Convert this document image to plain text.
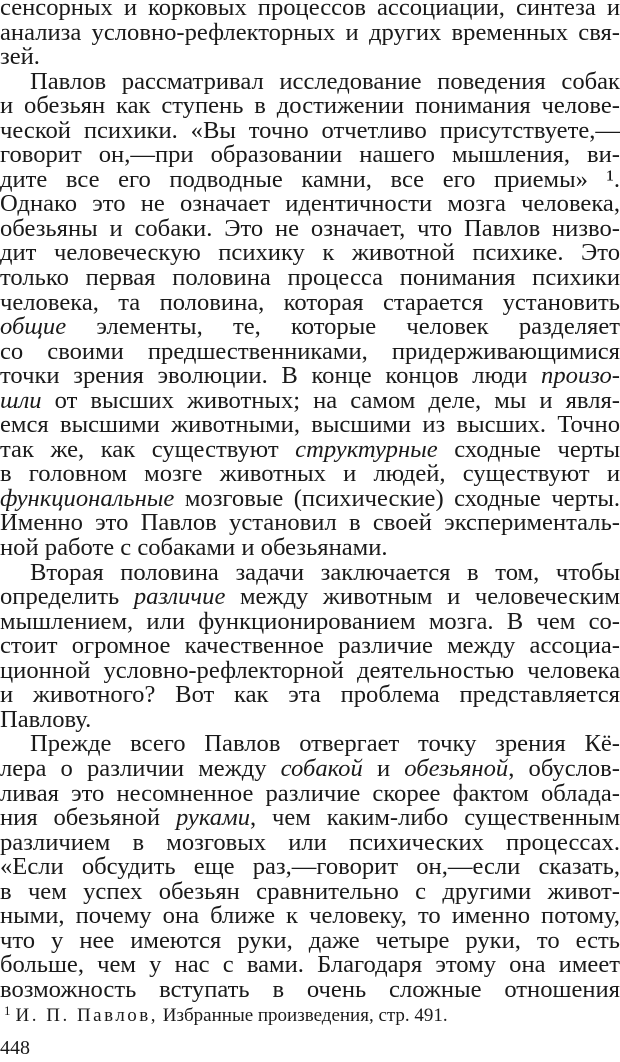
сенсорных и корковых процессов ассоциации, синтеза и
анализа условно-рефлекторных и других временных свя-
зей.
Павлов рассматривал исследование поведения собак
и обезьян как ступень в достижении понимания челове-
ческой психики. «Вы точно отчетливо присутствуете,—
говорит он,—при образовании нашего мышления, ви-
дите все его подводные камни, все его приемы» ¹.
Однако это не означает идентичности мозга человека,
обезьяны и собаки. Это не означает, что Павлов низво-
дит человеческую психику к животной психике. Это
только первая половина процесса понимания психики
человека, та половина, которая старается установить
общие элементы, те, которые человек разделяет
со своими предшественниками, придерживающимися
точки зрения эволюции. В конце концов люди произо-
шли от высших животных; на самом деле, мы и явля-
емся высшими животными, высшими из высших. Точно
так же, как существуют структурные сходные черты
в головном мозге животных и людей, существуют и
функциональные мозговые (психические) сходные черты.
Именно это Павлов установил в своей эксперименталь-
ной работе с собаками и обезьянами.
Вторая половина задачи заключается в том, чтобы
определить различие между животным и человеческим
мышлением, или функционированием мозга. В чем со-
стоит огромное качественное различие между ассоциа-
ционной условно-рефлекторной деятельностью человека
и животного? Вот как эта проблема представляется
Павлову.
Прежде всего Павлов отвергает точку зрения Кё-
лера о различии между собакой и обезьяной, обуслов-
ливая это несомненное различие скорее фактом облада-
ния обезьяной руками, чем каким-либо существенным
различием в мозговых или психических процессах.
«Если обсудить еще раз,—говорит он,—если сказать,
в чем успех обезьян сравнительно с другими живот-
ными, почему она ближе к человеку, то именно потому,
что у нее имеются руки, даже четыре руки, то есть
больше, чем у нас с вами. Благодаря этому она имеет
возможность вступать в очень сложные отношения
1 И. П. Павлов, Избранные произведения, стр. 491.
448
